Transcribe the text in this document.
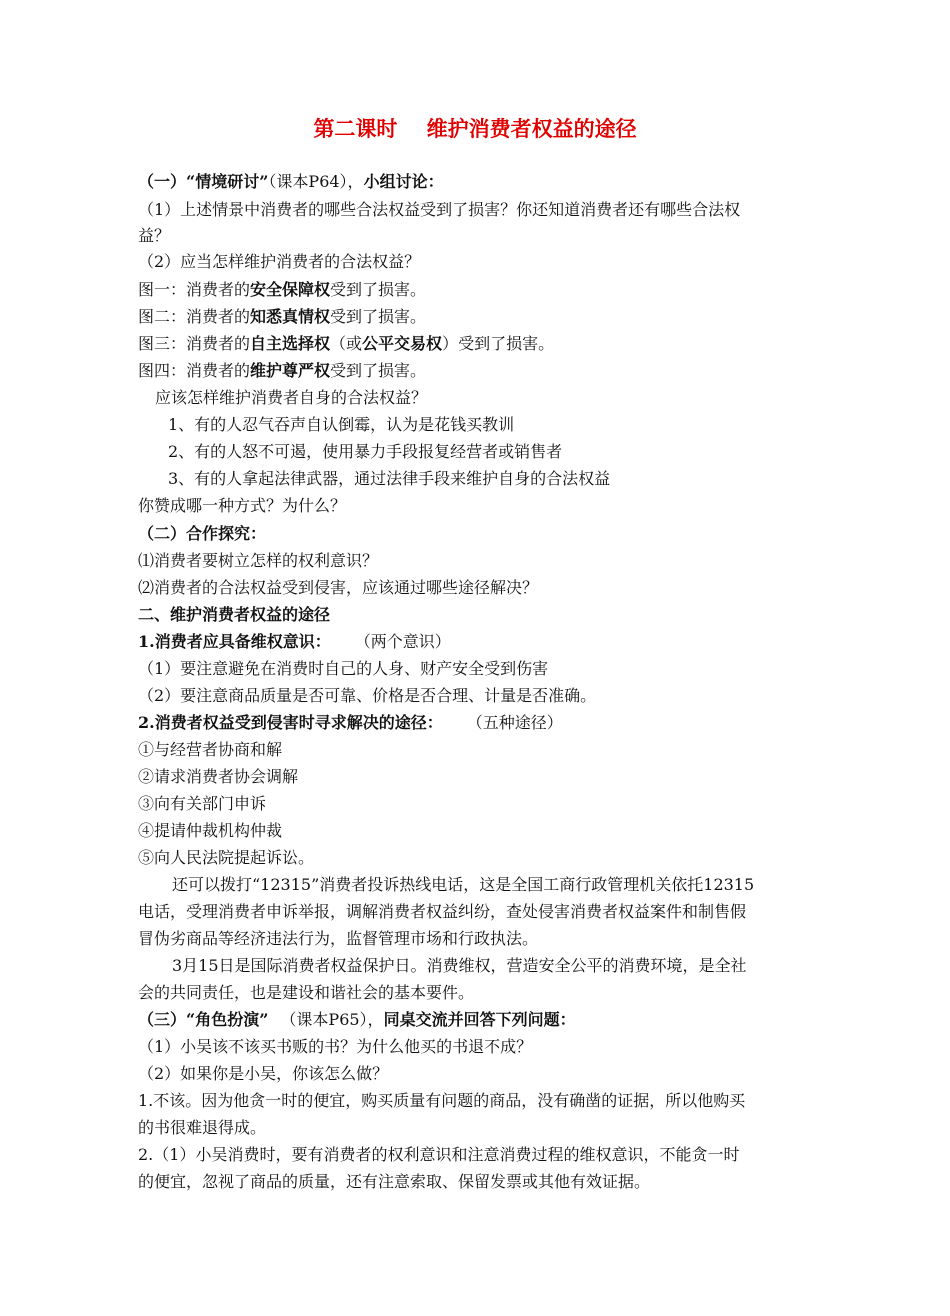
第二课时    维护消费者权益的途径
（一）“情境研讨”（课本P64），小组讨论：
（1）上述情景中消费者的哪些合法权益受到了损害？你还知道消费者还有哪些合法权
益？
（2）应当怎样维护消费者的合法权益？
图一：消费者的安全保障权受到了损害。
图二：消费者的知悉真情权受到了损害。
图三：消费者的自主选择权（或公平交易权）受到了损害。
图四：消费者的维护尊严权受到了损害。
应该怎样维护消费者自身的合法权益？
1、有的人忍气吞声自认倒霉，认为是花钱买教训
2、有的人怒不可遏，使用暴力手段报复经营者或销售者
3、有的人拿起法律武器，通过法律手段来维护自身的合法权益
你赞成哪一种方式？为什么？
（二）合作探究：
⑴消费者要树立怎样的权利意识？
⑵消费者的合法权益受到侵害，应该通过哪些途径解决？
二、维护消费者权益的途径
1.消费者应具备维权意识： （两个意识）
（1）要注意避免在消费时自己的人身、财产安全受到伤害
（2）要注意商品质量是否可靠、价格是否合理、计量是否准确。
2.消费者权益受到侵害时寻求解决的途径： （五种途径）
①与经营者协商和解
②请求消费者协会调解
③向有关部门申诉
④提请仲裁机构仲裁
⑤向人民法院提起诉讼。
还可以拨打“12315”消费者投诉热线电话，这是全国工商行政管理机关依托12315
电话，受理消费者申诉举报，调解消费者权益纠纷，查处侵害消费者权益案件和制售假
冒伪劣商品等经济违法行为，监督管理市场和行政执法。
3月15日是国际消费者权益保护日。消费维权，营造安全公平的消费环境，是全社
会的共同责任，也是建设和谐社会的基本要件。
（三）“角色扮演” （课本P65），同桌交流并回答下列问题：
（1）小吴该不该买书贩的书？为什么他买的书退不成？
（2）如果你是小吴，你该怎么做？
1.不该。因为他贪一时的便宜，购买质量有问题的商品，没有确凿的证据，所以他购买
的书很难退得成。
2.（1）小吴消费时，要有消费者的权利意识和注意消费过程的维权意识，不能贪一时
的便宜，忽视了商品的质量，还有注意索取、保留发票或其他有效证据。
